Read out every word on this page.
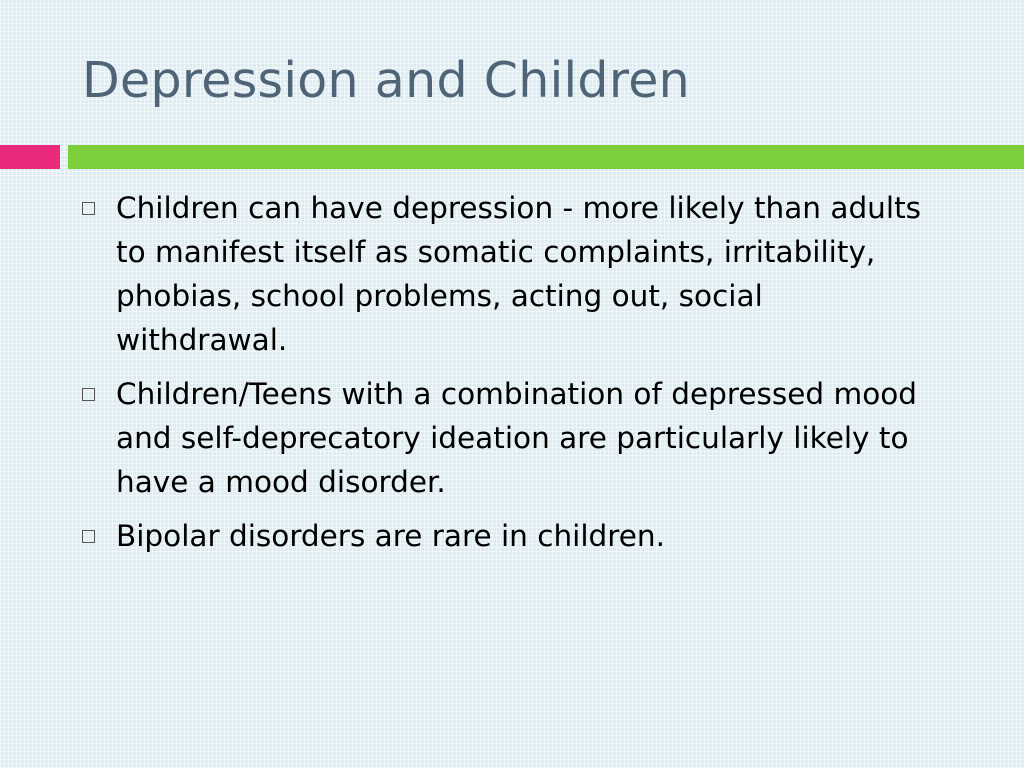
Depression and Children
Children can have depression - more likely than adults to manifest itself as somatic complaints, irritability, phobias, school problems, acting out, social withdrawal.
Children/Teens with a combination of depressed mood and self-deprecatory ideation are particularly likely to have a mood disorder.
Bipolar disorders are rare in children.
